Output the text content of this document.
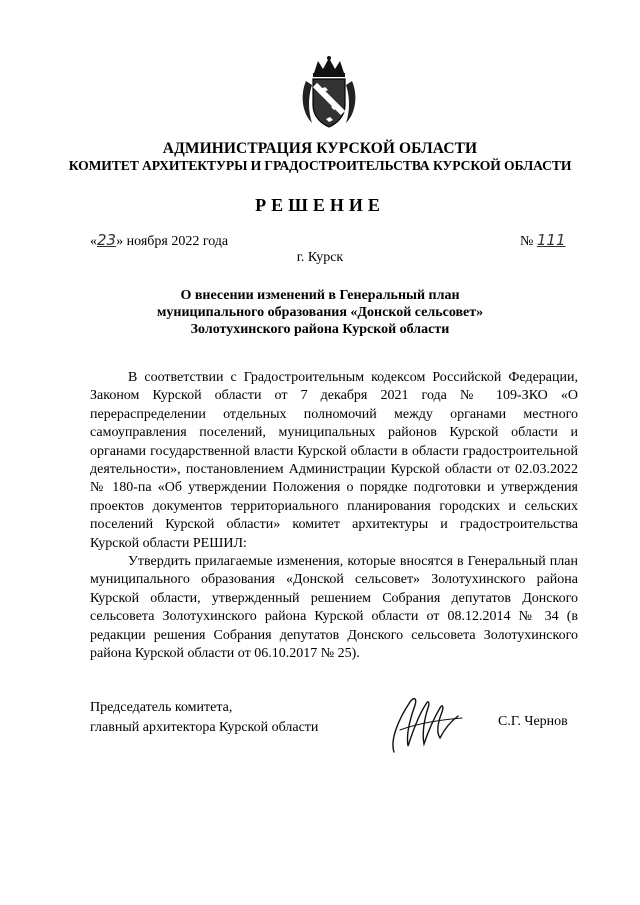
АДМИНИСТРАЦИЯ КУРСКОЙ ОБЛАСТИ
КОМИТЕТ АРХИТЕКТУРЫ И ГРАДОСТРОИТЕЛЬСТВА КУРСКОЙ ОБЛАСТИ
РЕШЕНИЕ
«23» ноября 2022 года	№ 111
г. Курск
О внесении изменений в Генеральный план
муниципального образования «Донской сельсовет»
Золотухинского района Курской области

В соответствии с Градостроительным кодексом Российской Федерации, Законом Курской области от 7 декабря 2021 года № 109-ЗКО «О перераспределении отдельных полномочий между органами местного самоуправления поселений, муниципальных районов Курской области и органами государственной власти Курской области в области градостроительной деятельности», постановлением Администрации Курской области от 02.03.2022 № 180-па «Об утверждении Положения о порядке подготовки и утверждения проектов документов территориального планирования городских и сельских поселений Курской области» комитет архитектуры и градостроительства Курской области РЕШИЛ:

Утвердить прилагаемые изменения, которые вносятся в Генеральный план муниципального образования «Донской сельсовет» Золотухинского района Курской области, утвержденный решением Собрания депутатов Донского сельсовета Золотухинского района Курской области от 08.12.2014 № 34 (в редакции решения Собрания депутатов Донского сельсовета Золотухинского района Курской области от 06.10.2017 № 25).

Председатель комитета,
главный архитектора Курской области	С.Г. Чернов
